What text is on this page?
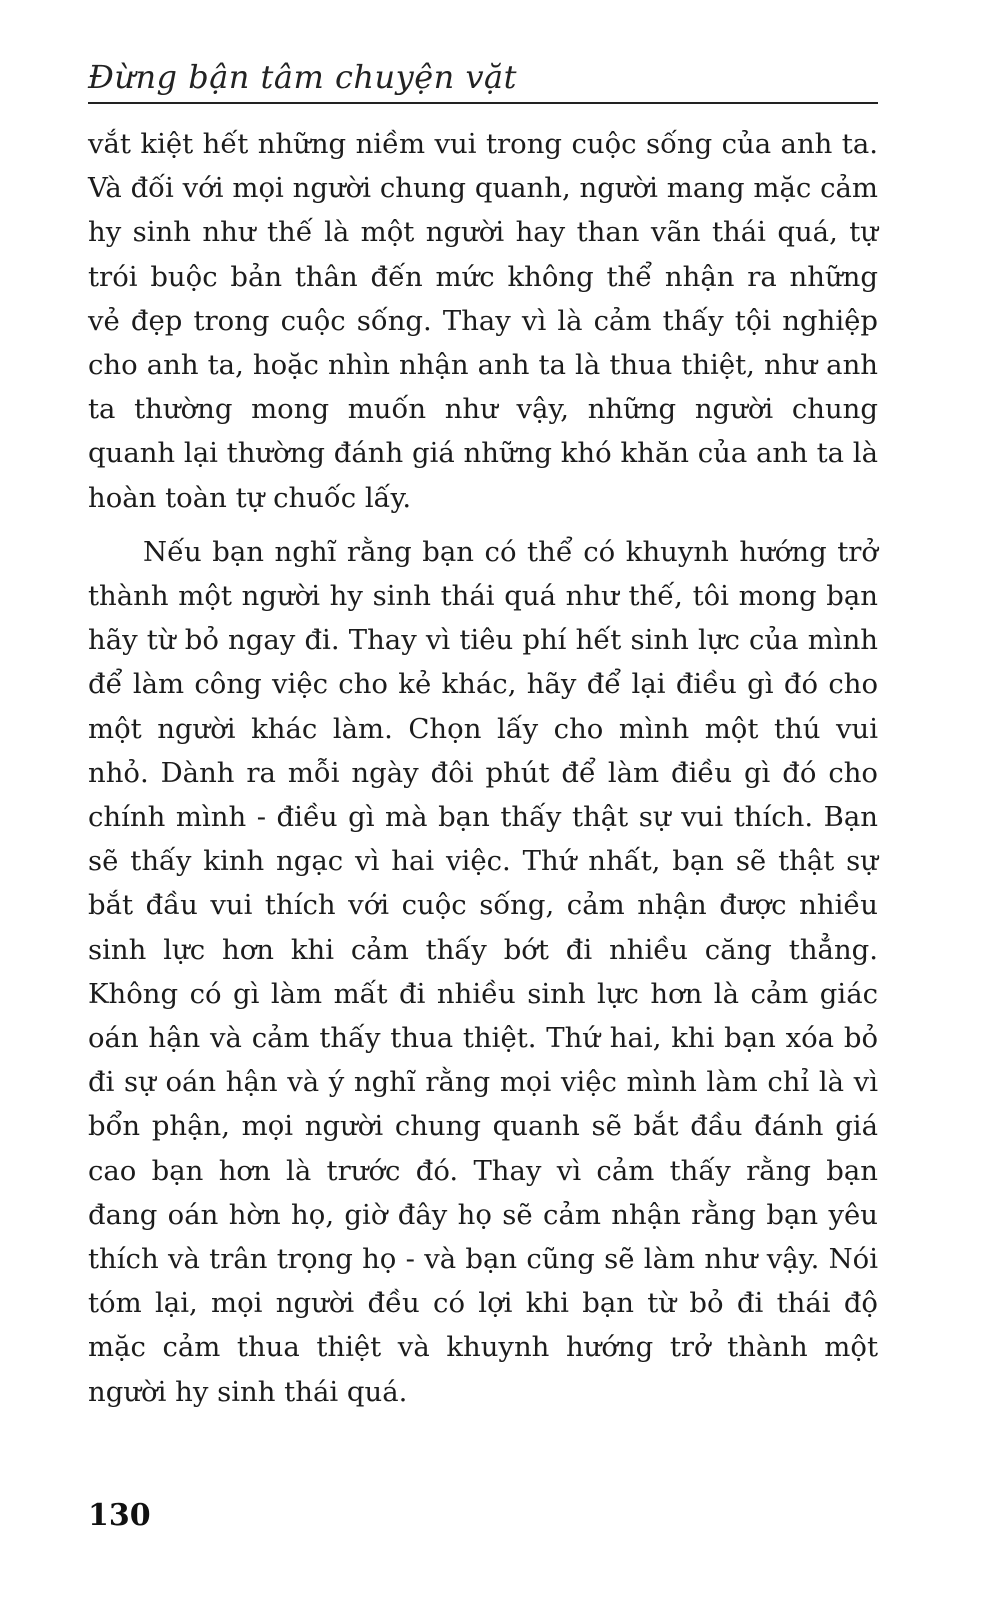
Đừng bận tâm chuyện vặt

vắt kiệt hết những niềm vui trong cuộc sống của anh ta. Và đối với mọi người chung quanh, người mang mặc cảm hy sinh như thế là một người hay than vãn thái quá, tự trói buộc bản thân đến mức không thể nhận ra những vẻ đẹp trong cuộc sống. Thay vì là cảm thấy tội nghiệp cho anh ta, hoặc nhìn nhận anh ta là thua thiệt, như anh ta thường mong muốn như vậy, những người chung quanh lại thường đánh giá những khó khăn của anh ta là hoàn toàn tự chuốc lấy.

Nếu bạn nghĩ rằng bạn có thể có khuynh hướng trở thành một người hy sinh thái quá như thế, tôi mong bạn hãy từ bỏ ngay đi. Thay vì tiêu phí hết sinh lực của mình để làm công việc cho kẻ khác, hãy để lại điều gì đó cho một người khác làm. Chọn lấy cho mình một thú vui nhỏ. Dành ra mỗi ngày đôi phút để làm điều gì đó cho chính mình - điều gì mà bạn thấy thật sự vui thích. Bạn sẽ thấy kinh ngạc vì hai việc. Thứ nhất, bạn sẽ thật sự bắt đầu vui thích với cuộc sống, cảm nhận được nhiều sinh lực hơn khi cảm thấy bớt đi nhiều căng thẳng. Không có gì làm mất đi nhiều sinh lực hơn là cảm giác oán hận và cảm thấy thua thiệt. Thứ hai, khi bạn xóa bỏ đi sự oán hận và ý nghĩ rằng mọi việc mình làm chỉ là vì bổn phận, mọi người chung quanh sẽ bắt đầu đánh giá cao bạn hơn là trước đó. Thay vì cảm thấy rằng bạn đang oán hờn họ, giờ đây họ sẽ cảm nhận rằng bạn yêu thích và trân trọng họ - và bạn cũng sẽ làm như vậy. Nói tóm lại, mọi người đều có lợi khi bạn từ bỏ đi thái độ mặc cảm thua thiệt và khuynh hướng trở thành một người hy sinh thái quá.

130
